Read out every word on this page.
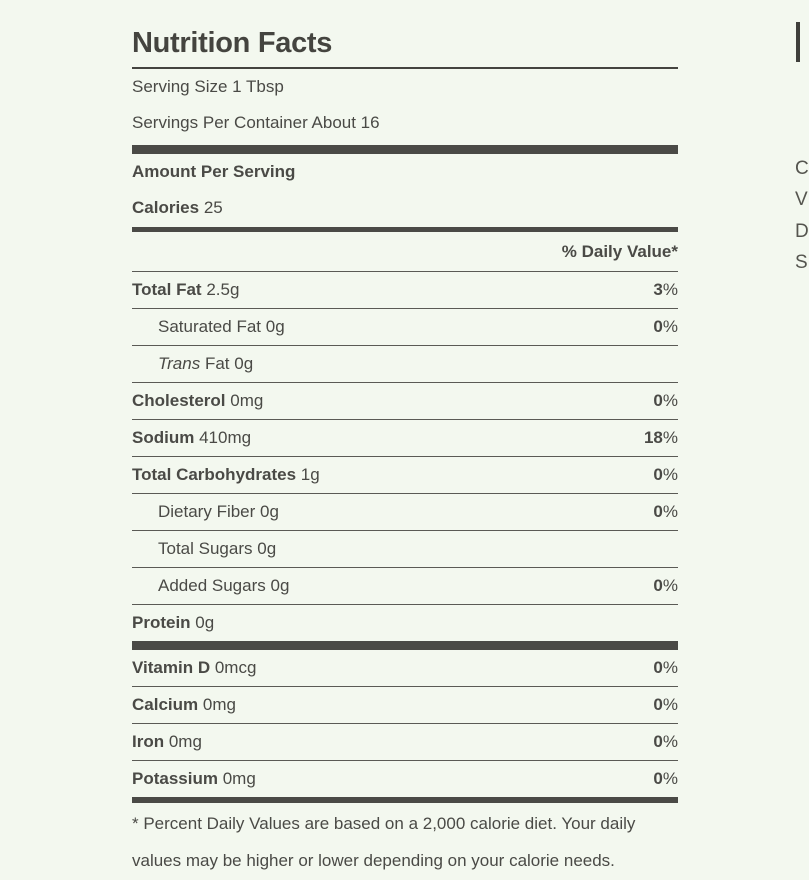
Nutrition Facts
Serving Size 1 Tbsp
Servings Per Container About 16
Amount Per Serving
Calories 25
% Daily Value*
Total Fat 2.5g	3%
Saturated Fat 0g	0%
Trans Fat 0g
Cholesterol 0mg	0%
Sodium 410mg	18%
Total Carbohydrates 1g	0%
Dietary Fiber 0g	0%
Total Sugars 0g
Added Sugars 0g	0%
Protein 0g
Vitamin D 0mcg	0%
Calcium 0mg	0%
Iron 0mg	0%
Potassium 0mg	0%
* Percent Daily Values are based on a 2,000 calorie diet. Your daily
values may be higher or lower depending on your calorie needs.
C
V
D
S
